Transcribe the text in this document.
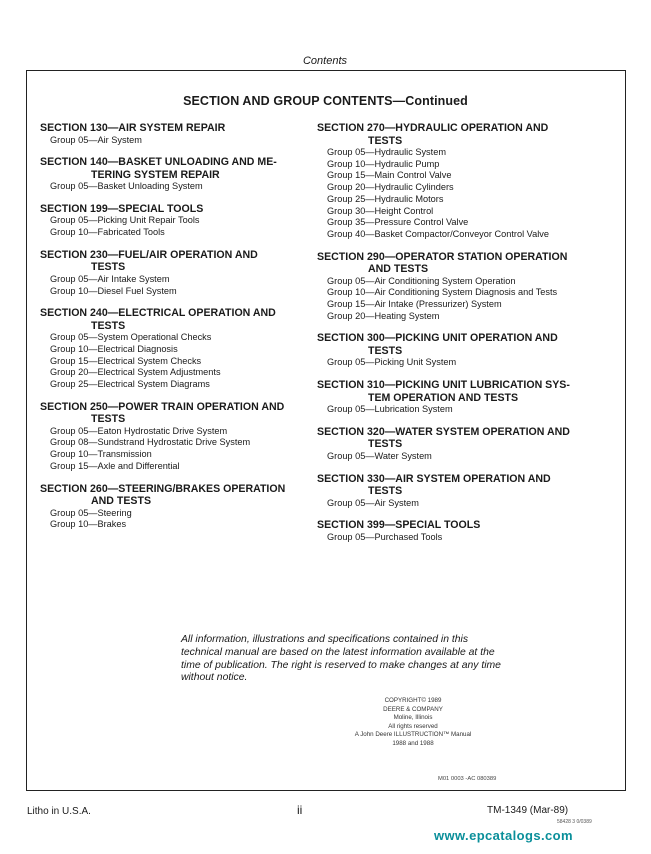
Contents
SECTION AND GROUP CONTENTS—Continued
SECTION 130—AIR SYSTEM REPAIR
Group 05—Air System
SECTION 140—BASKET UNLOADING AND ME-
TERING SYSTEM REPAIR
Group 05—Basket Unloading System
SECTION 199—SPECIAL TOOLS
Group 05—Picking Unit Repair Tools
Group 10—Fabricated Tools
SECTION 230—FUEL/AIR OPERATION AND
TESTS
Group 05—Air Intake System
Group 10—Diesel Fuel System
SECTION 240—ELECTRICAL OPERATION AND
TESTS
Group 05—System Operational Checks
Group 10—Electrical Diagnosis
Group 15—Electrical System Checks
Group 20—Electrical System Adjustments
Group 25—Electrical System Diagrams
SECTION 250—POWER TRAIN OPERATION AND
TESTS
Group 05—Eaton Hydrostatic Drive System
Group 08—Sundstrand Hydrostatic Drive System
Group 10—Transmission
Group 15—Axle and Differential
SECTION 260—STEERING/BRAKES OPERATION
AND TESTS
Group 05—Steering
Group 10—Brakes
SECTION 270—HYDRAULIC OPERATION AND
TESTS
Group 05—Hydraulic System
Group 10—Hydraulic Pump
Group 15—Main Control Valve
Group 20—Hydraulic Cylinders
Group 25—Hydraulic Motors
Group 30—Height Control
Group 35—Pressure Control Valve
Group 40—Basket Compactor/Conveyor Control Valve
SECTION 290—OPERATOR STATION OPERATION
AND TESTS
Group 05—Air Conditioning System Operation
Group 10—Air Conditioning System Diagnosis and Tests
Group 15—Air Intake (Pressurizer) System
Group 20—Heating System
SECTION 300—PICKING UNIT OPERATION AND
TESTS
Group 05—Picking Unit System
SECTION 310—PICKING UNIT LUBRICATION SYS-
TEM OPERATION AND TESTS
Group 05—Lubrication System
SECTION 320—WATER SYSTEM OPERATION AND
TESTS
Group 05—Water System
SECTION 330—AIR SYSTEM OPERATION AND
TESTS
Group 05—Air System
SECTION 399—SPECIAL TOOLS
Group 05—Purchased Tools
All information, illustrations and specifications contained in this technical manual are based on the latest information available at the time of publication. The right is reserved to make changes at any time without notice.
COPYRIGHT© 1989
DEERE & COMPANY
Moline, Illinois
All rights reserved
A John Deere ILLUSTRUCTION™ Manual
1988 and 1988
M01 0003 -AC 080389
Litho in U.S.A.	ii	TM-1349 (Mar-89)
58428 3 0/0389
www.epcatalogs.com
